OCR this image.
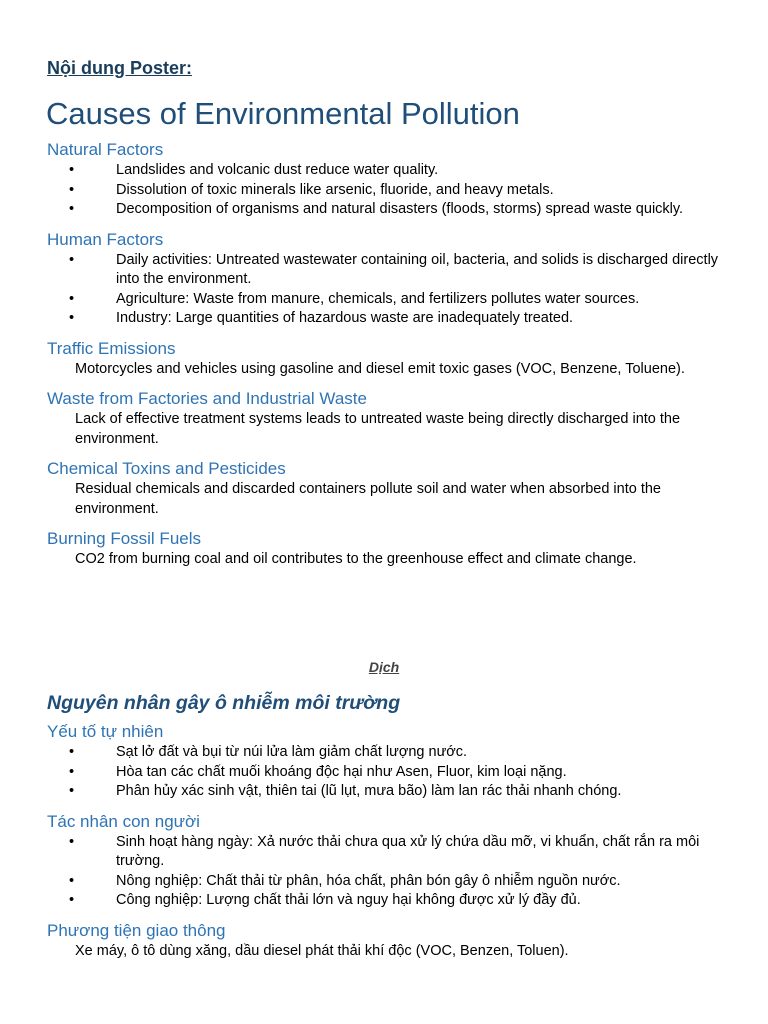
Nội dung Poster:
Causes of Environmental Pollution
Natural Factors
• Landslides and volcanic dust reduce water quality.
• Dissolution of toxic minerals like arsenic, fluoride, and heavy metals.
• Decomposition of organisms and natural disasters (floods, storms) spread waste quickly.
Human Factors
• Daily activities: Untreated wastewater containing oil, bacteria, and solids is discharged directly into the environment.
• Agriculture: Waste from manure, chemicals, and fertilizers pollutes water sources.
• Industry: Large quantities of hazardous waste are inadequately treated.
Traffic Emissions

Motorcycles and vehicles using gasoline and diesel emit toxic gases (VOC, Benzene, Toluene).

Waste from Factories and Industrial Waste

Lack of effective treatment systems leads to untreated waste being directly discharged into the environment.

Chemical Toxins and Pesticides

Residual chemicals and discarded containers pollute soil and water when absorbed into the environment.

Burning Fossil Fuels

CO2 from burning coal and oil contributes to the greenhouse effect and climate change.

Dịch
Nguyên nhân gây ô nhiễm môi trường
Yếu tố tự nhiên
• Sạt lở đất và bụi từ núi lửa làm giảm chất lượng nước.
• Hòa tan các chất muối khoáng độc hại như Asen, Fluor, kim loại nặng.
• Phân hủy xác sinh vật, thiên tai (lũ lụt, mưa bão) làm lan rác thải nhanh chóng.
Tác nhân con người
• Sinh hoạt hàng ngày: Xả nước thải chưa qua xử lý chứa dầu mỡ, vi khuẩn, chất rắn ra môi trường.
• Nông nghiệp: Chất thải từ phân, hóa chất, phân bón gây ô nhiễm nguồn nước.
• Công nghiệp: Lượng chất thải lớn và nguy hại không được xử lý đầy đủ.
Phương tiện giao thông

Xe máy, ô tô dùng xăng, dầu diesel phát thải khí độc (VOC, Benzen, Toluen).
